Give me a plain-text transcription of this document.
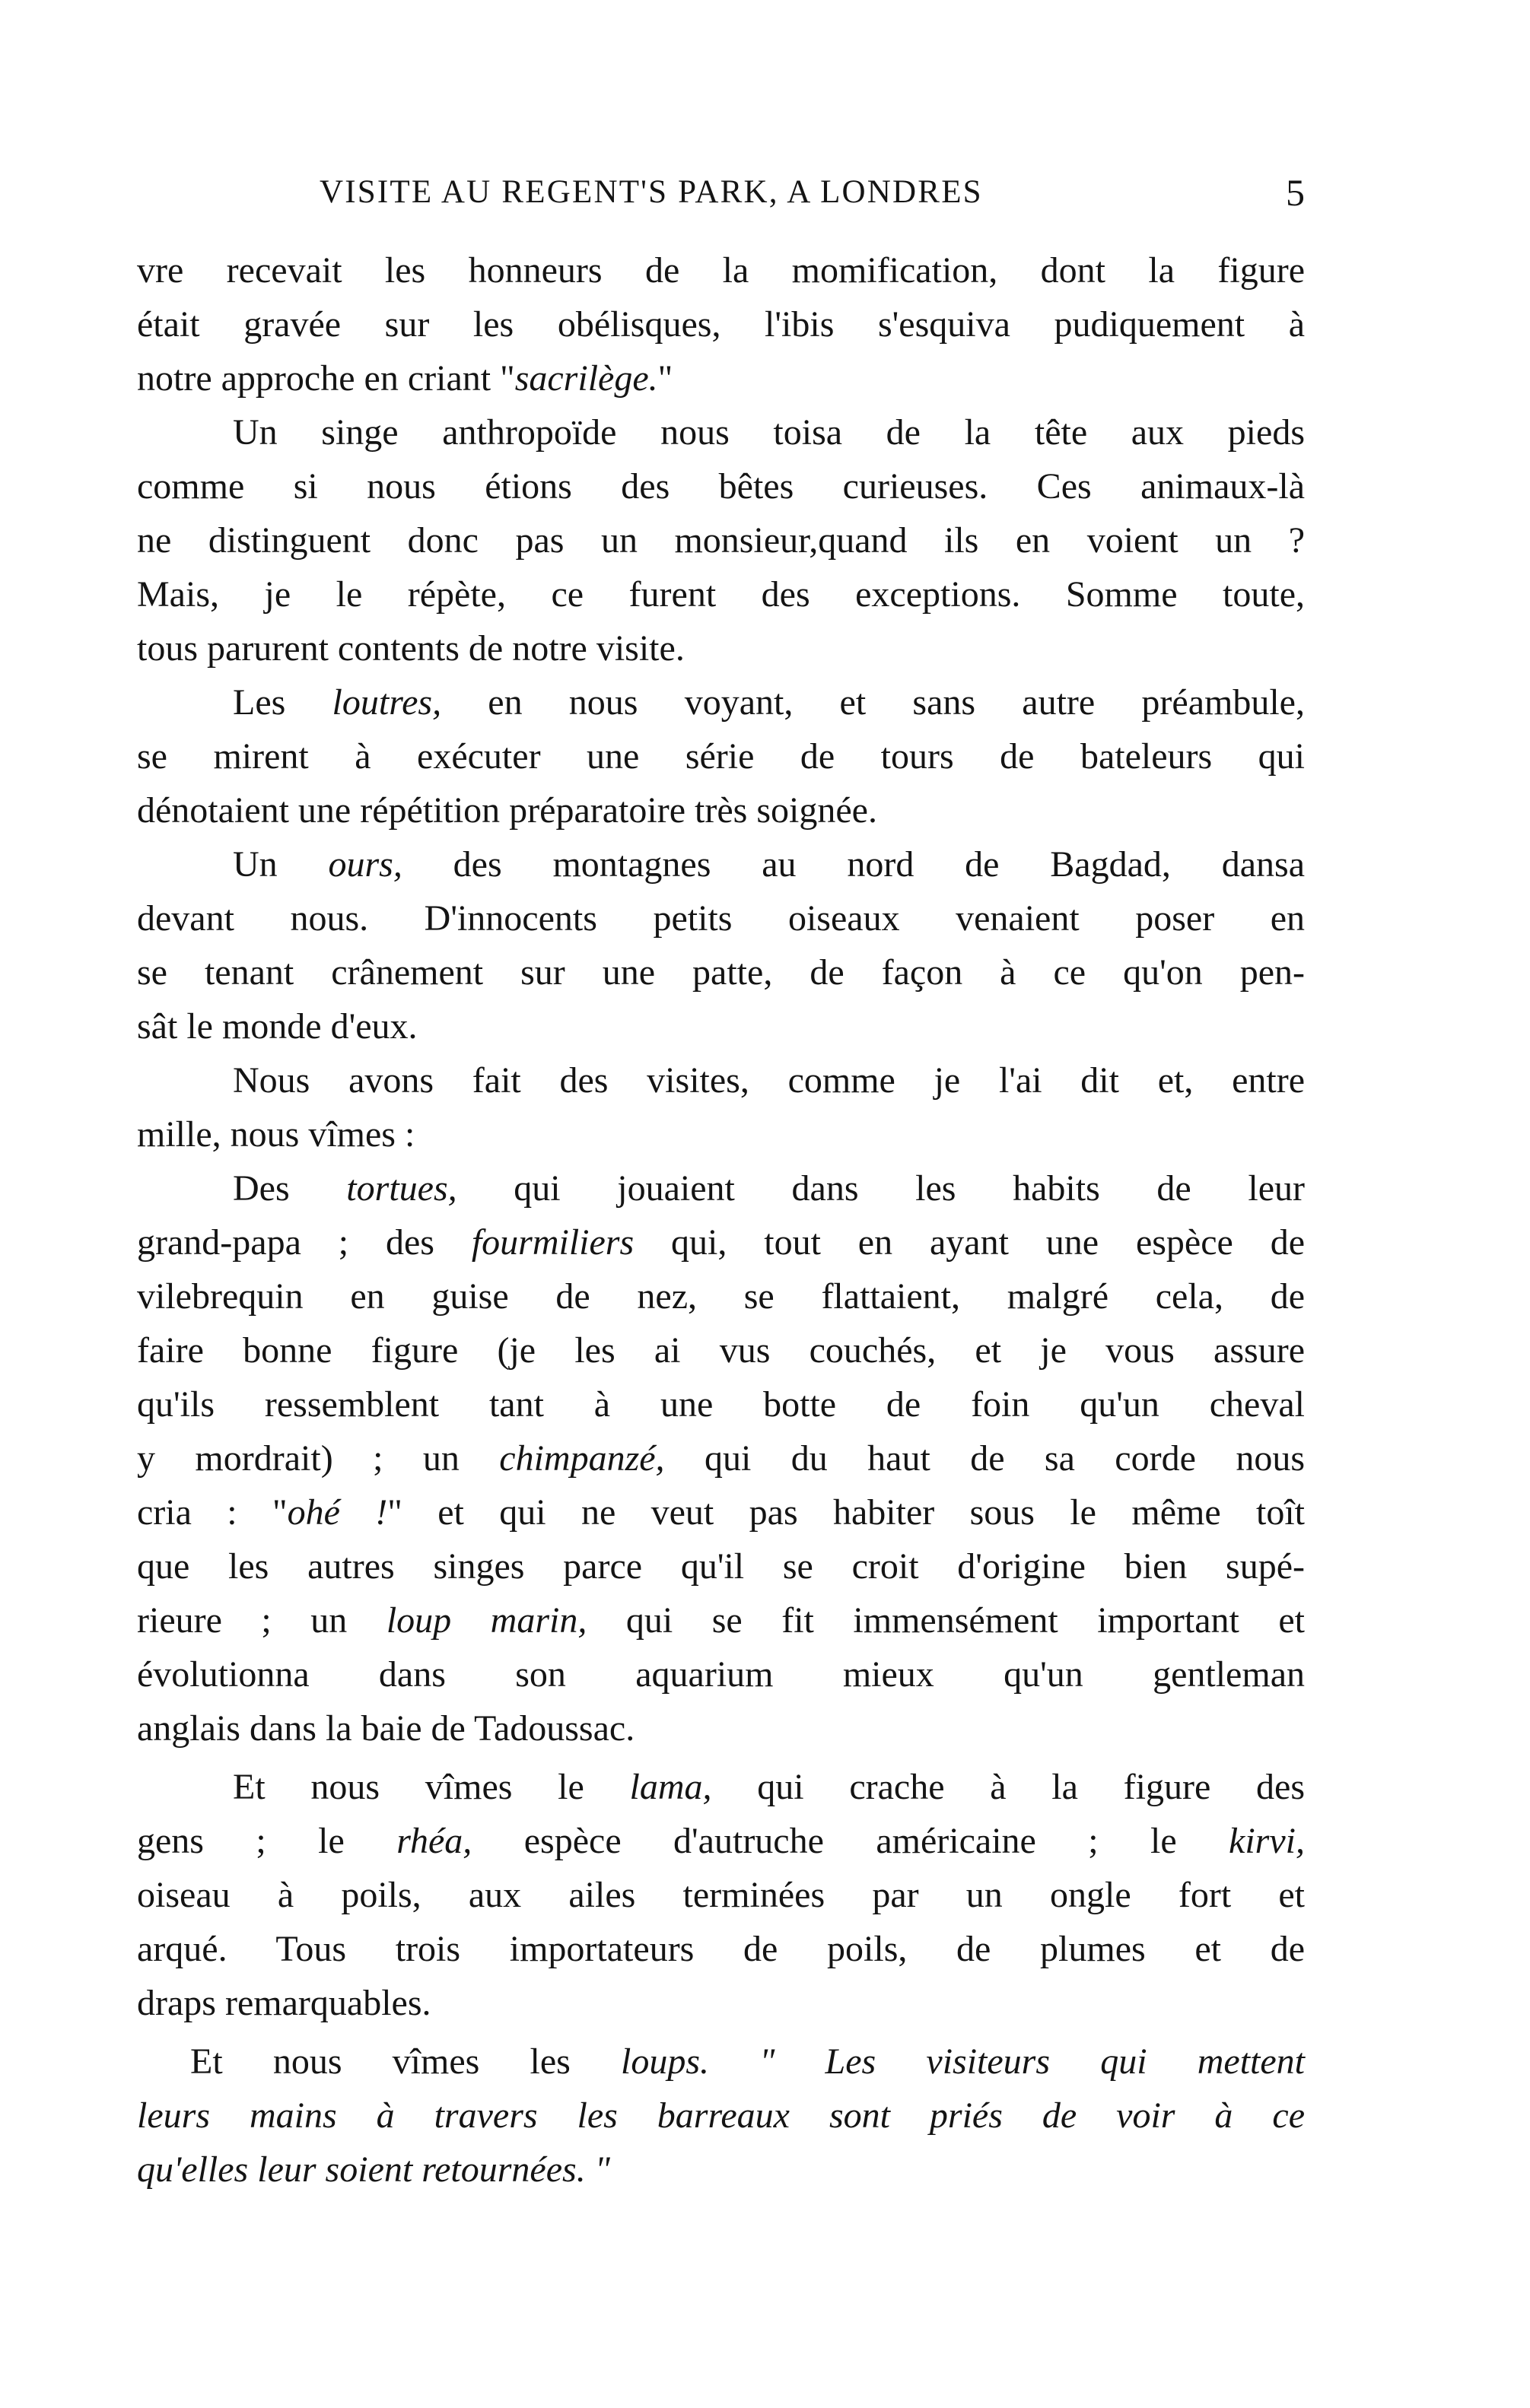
VISITE AU REGENT'S PARK, A LONDRES	5
vre recevait les honneurs de la momification, dont la figure
était gravée sur les obélisques, l'ibis s'esquiva pudiquement à
notre approche en criant "sacrilège."
Un singe anthropoïde nous toisa de la tête aux pieds
comme si nous étions des bêtes curieuses. Ces animaux-là
ne distinguent donc pas un monsieur,quand ils en voient un ?
Mais, je le répète, ce furent des exceptions. Somme toute,
tous parurent contents de notre visite.
Les loutres, en nous voyant, et sans autre préambule,
se mirent à exécuter une série de tours de bateleurs qui
dénotaient une répétition préparatoire très soignée.
Un ours, des montagnes au nord de Bagdad, dansa
devant nous. D'innocents petits oiseaux venaient poser en
se tenant crânement sur une patte, de façon à ce qu'on pen-
sât le monde d'eux.
Nous avons fait des visites, comme je l'ai dit et, entre
mille, nous vîmes :
Des tortues, qui jouaient dans les habits de leur
grand-papa ; des fourmiliers qui, tout en ayant une espèce de
vilebrequin en guise de nez, se flattaient, malgré cela, de
faire bonne figure (je les ai vus couchés, et je vous assure
qu'ils ressemblent tant à une botte de foin qu'un cheval
y mordrait) ; un chimpanzé, qui du haut de sa corde nous
cria : "ohé !" et qui ne veut pas habiter sous le même toît
que les autres singes parce qu'il se croit d'origine bien supé-
rieure ; un loup marin, qui se fit immensément important et
évolutionna dans son aquarium mieux qu'un gentleman
anglais dans la baie de Tadoussac.
Et nous vîmes le lama, qui crache à la figure des
gens ; le rhéa, espèce d'autruche américaine ; le kirvi,
oiseau à poils, aux ailes terminées par un ongle fort et
arqué. Tous trois importateurs de poils, de plumes et de
draps remarquables.
Et nous vîmes les loups. " Les visiteurs qui mettent
leurs mains à travers les barreaux sont priés de voir à ce
qu'elles leur soient retournées. "
